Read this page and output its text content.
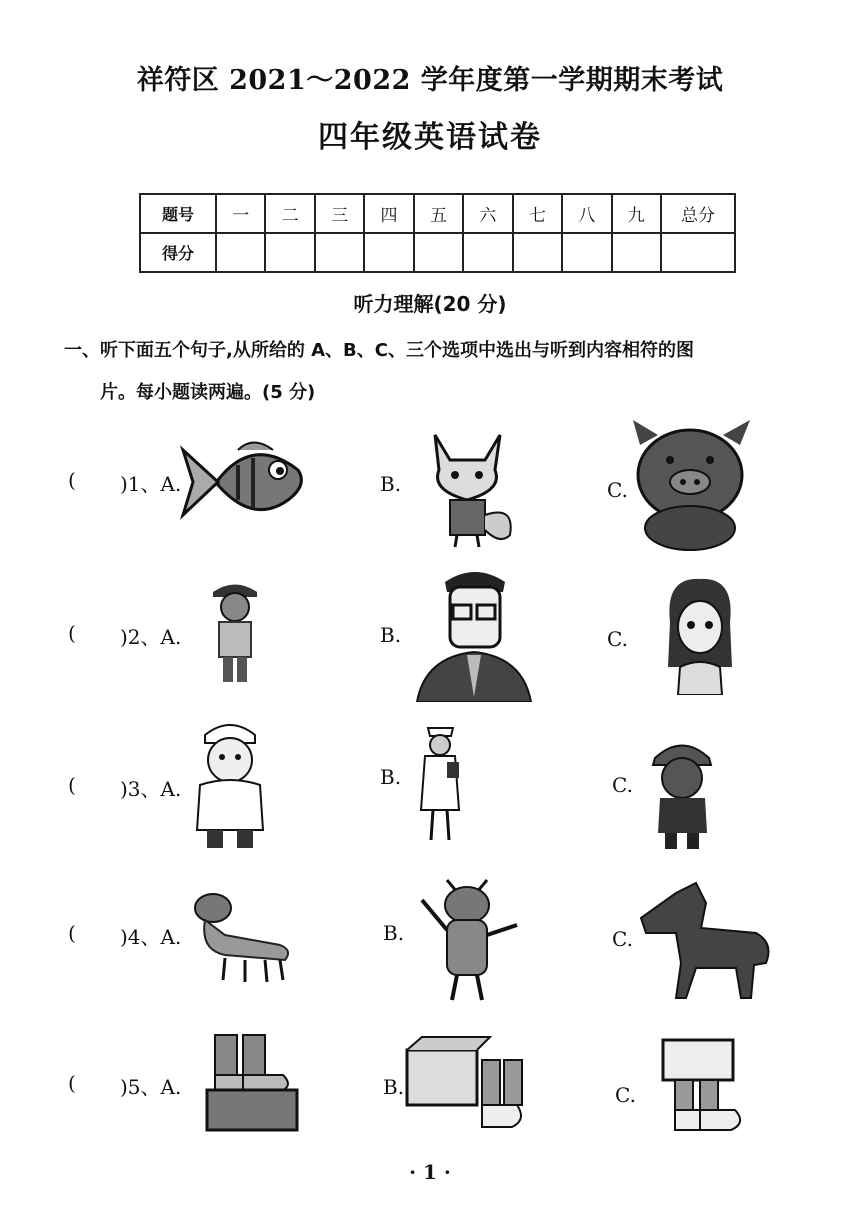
祥符区 2021～2022 学年度第一学期期末考试
四年级英语试卷
题号	一	二	三	四	五	六	七	八	九	总分
得分										
听力理解(20 分)
一、听下面五个句子,从所给的 A、B、C、三个选项中选出与听到内容相符的图
片。每小题读两遍。(5 分)
( )1、A.	B.	C.
( )2、A.	B.	C.
( )3、A.	B.	C.
( )4、A.	B.	C.
( )5、A.	B.	C.
· 1 ·
